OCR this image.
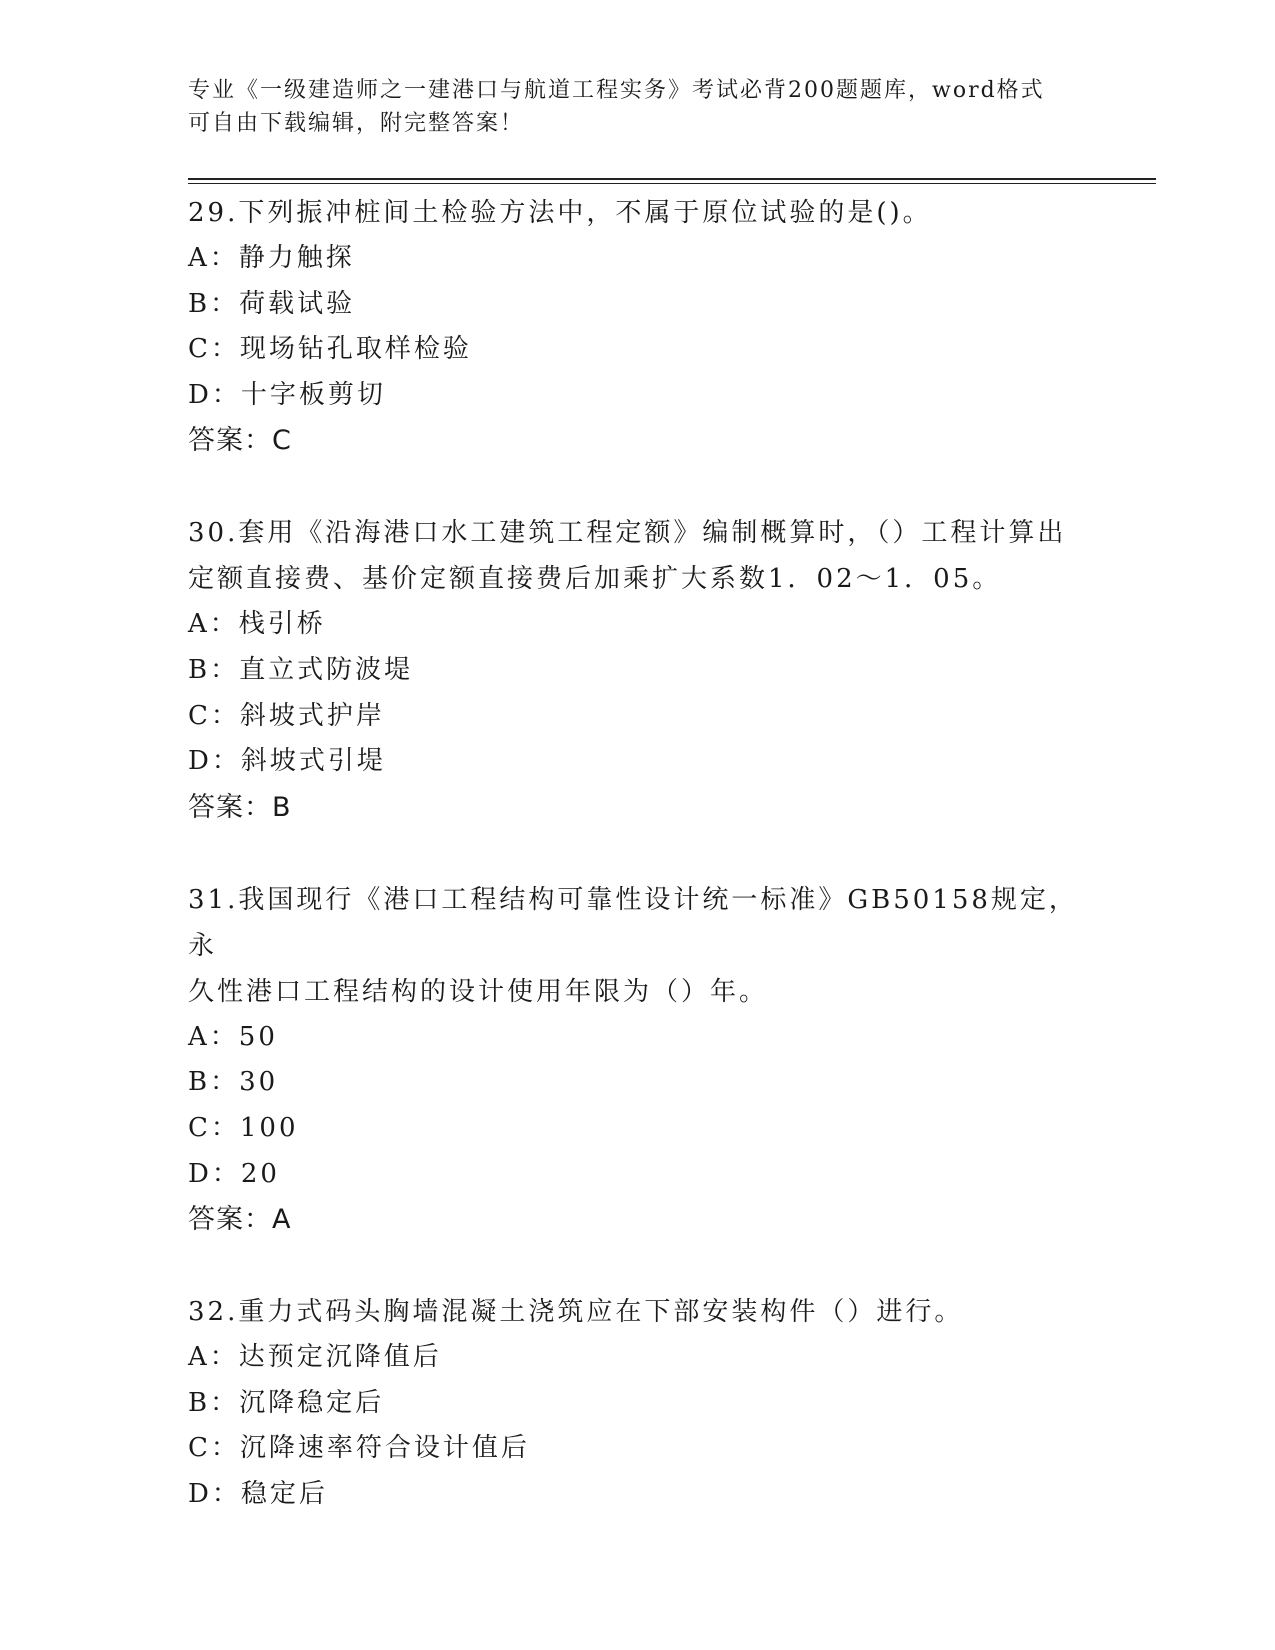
专业《一级建造师之一建港口与航道工程实务》考试必背200题题库，word格式
可自由下载编辑，附完整答案！

29.下列振冲桩间土检验方法中，不属于原位试验的是()。

A：静力触探

B：荷载试验

C：现场钻孔取样检验

D：十字板剪切

答案：C

30.套用《沿海港口水工建筑工程定额》编制概算时，（）工程计算出

定额直接费、基价定额直接费后加乘扩大系数1．02～1．05。

A：栈引桥

B：直立式防波堤

C：斜坡式护岸

D：斜坡式引堤

答案：B

31.我国现行《港口工程结构可靠性设计统一标准》GB50158规定，永

久性港口工程结构的设计使用年限为（）年。

A：50

B：30

C：100

D：20

答案：A

32.重力式码头胸墙混凝土浇筑应在下部安装构件（）进行。

A：达预定沉降值后

B：沉降稳定后

C：沉降速率符合设计值后

D：稳定后
